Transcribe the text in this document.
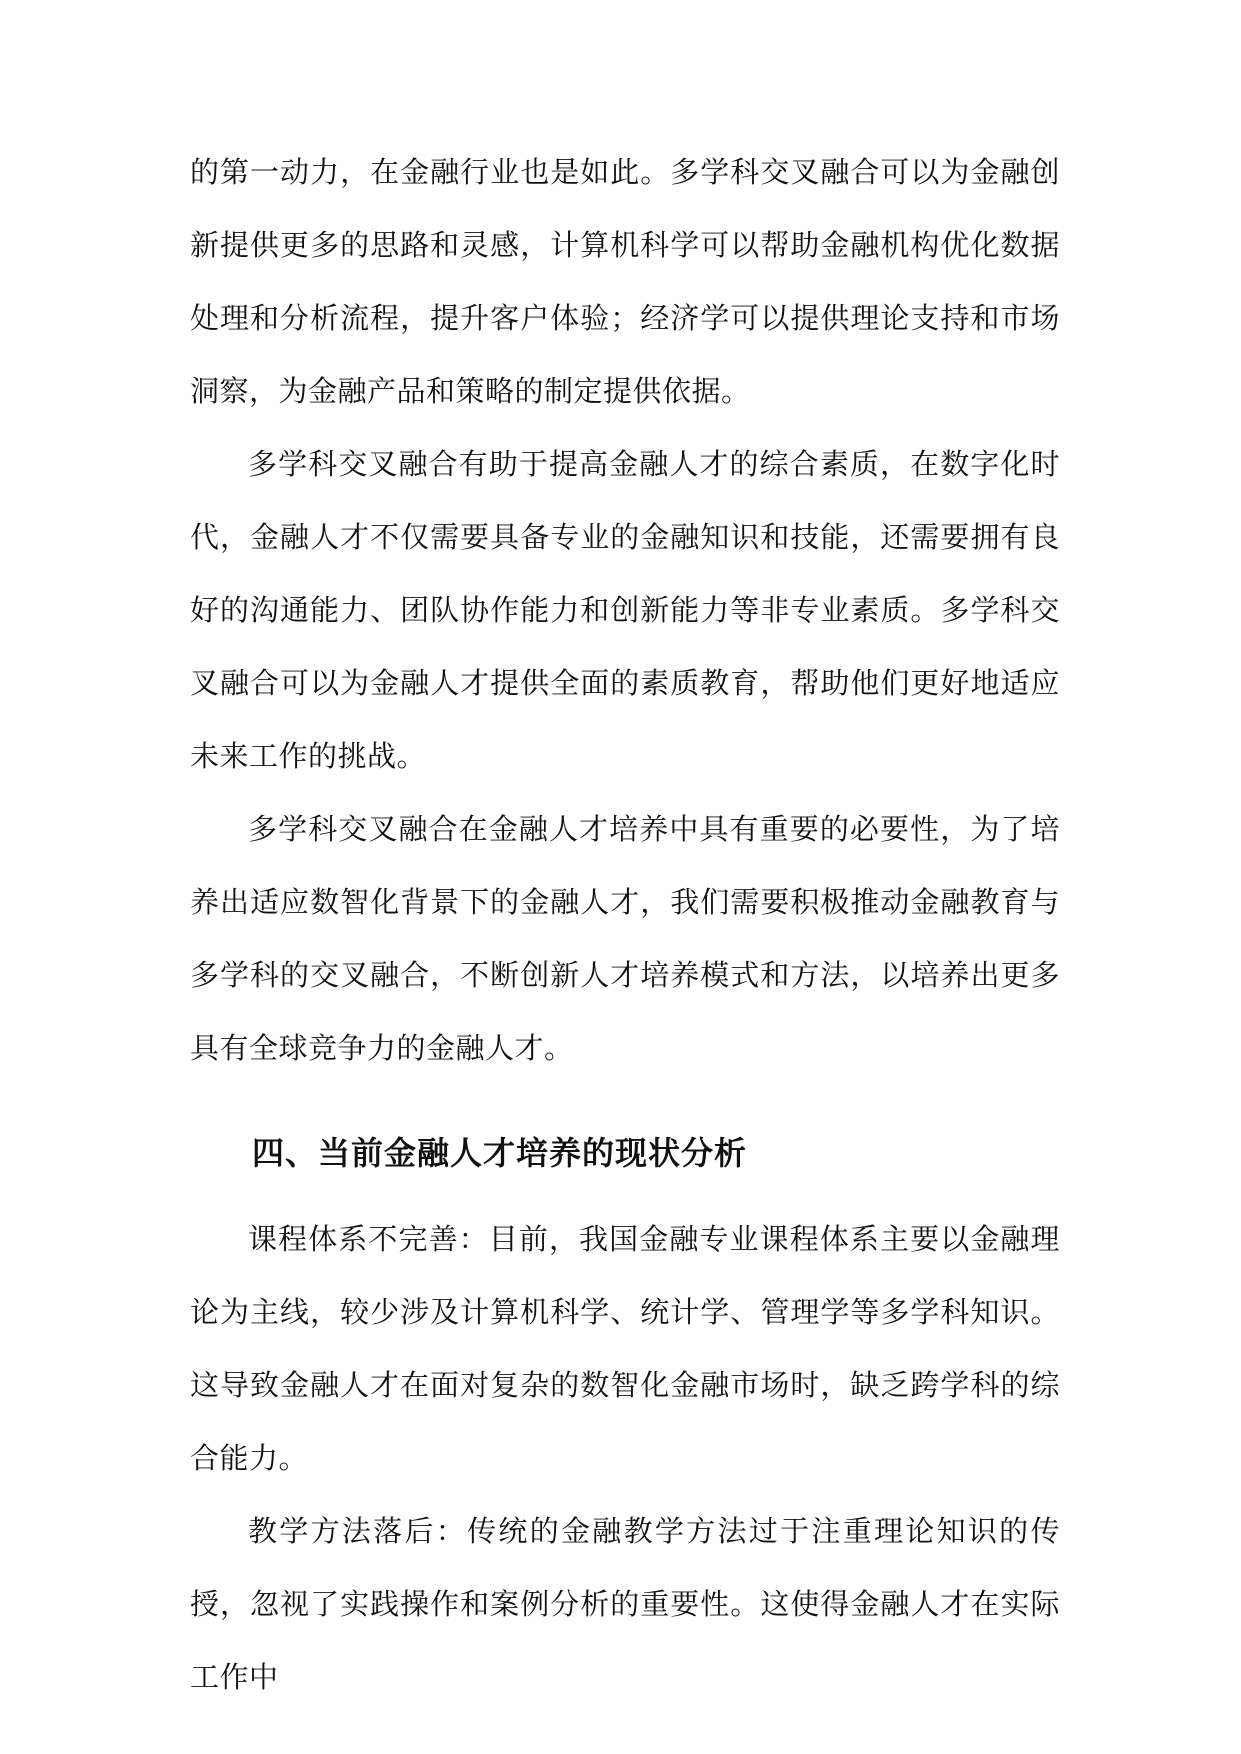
的第一动力，在金融行业也是如此。多学科交叉融合可以为金融创新提供更多的思路和灵感，计算机科学可以帮助金融机构优化数据处理和分析流程，提升客户体验；经济学可以提供理论支持和市场洞察，为金融产品和策略的制定提供依据。

多学科交叉融合有助于提高金融人才的综合素质，在数字化时代，金融人才不仅需要具备专业的金融知识和技能，还需要拥有良好的沟通能力、团队协作能力和创新能力等非专业素质。多学科交叉融合可以为金融人才提供全面的素质教育，帮助他们更好地适应未来工作的挑战。

多学科交叉融合在金融人才培养中具有重要的必要性，为了培养出适应数智化背景下的金融人才，我们需要积极推动金融教育与多学科的交叉融合，不断创新人才培养模式和方法，以培养出更多具有全球竞争力的金融人才。

四、当前金融人才培养的现状分析

课程体系不完善：目前，我国金融专业课程体系主要以金融理论为主线，较少涉及计算机科学、统计学、管理学等多学科知识。这导致金融人才在面对复杂的数智化金融市场时，缺乏跨学科的综合能力。

教学方法落后：传统的金融教学方法过于注重理论知识的传授，忽视了实践操作和案例分析的重要性。这使得金融人才在实际工作中
